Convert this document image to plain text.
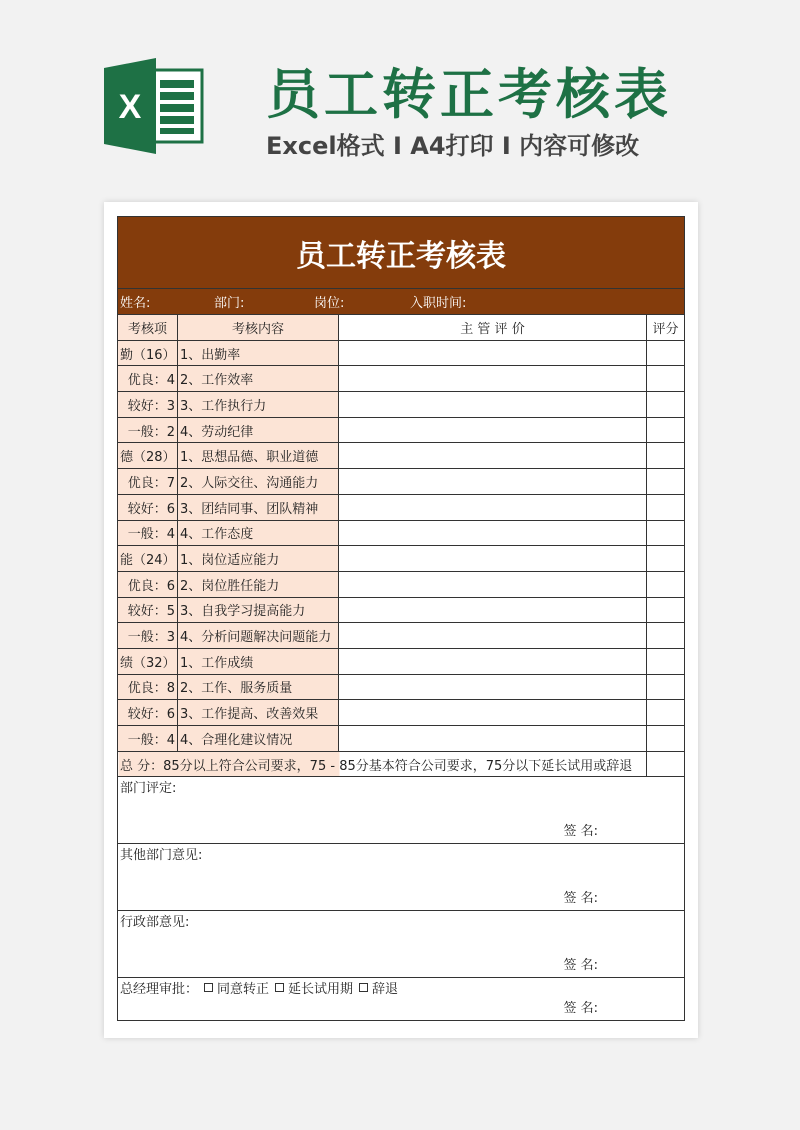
X 员工转正考核表
Excel格式 I A4打印 I 内容可修改
员工转正考核表			
姓名: 部门: 岗位: 入职时间:			

考核项	考核内容	主 管 评 价	评分
勤（16）	1、出勤率		
优良：4	2、工作效率		
较好：3	3、工作执行力		
一般：2	4、劳动纪律		
德（28）	1、思想品德、职业道德		
优良：7	2、人际交往、沟通能力		
较好：6	3、团结同事、团队精神		
一般：4	4、工作态度		
能（24）	1、岗位适应能力		
优良：6	2、岗位胜任能力		
较好：5	3、自我学习提高能力		
一般：3	4、分析问题解决问题能力		
绩（32）	1、工作成绩		
优良：8	2、工作、服务质量		
较好：6	3、工作提高、改善效果		
一般：4	4、合理化建议情况		
总 分：85分以上符合公司要求，75 - 85分基本符合公司要求，75分以下延长试用或辞退			
部门评定:
签 名:			

其他部门意见:
签 名:			

行政部意见:
签 名:			

总经理审批： 同意转正 延长试用期 辞退
签 名:			
